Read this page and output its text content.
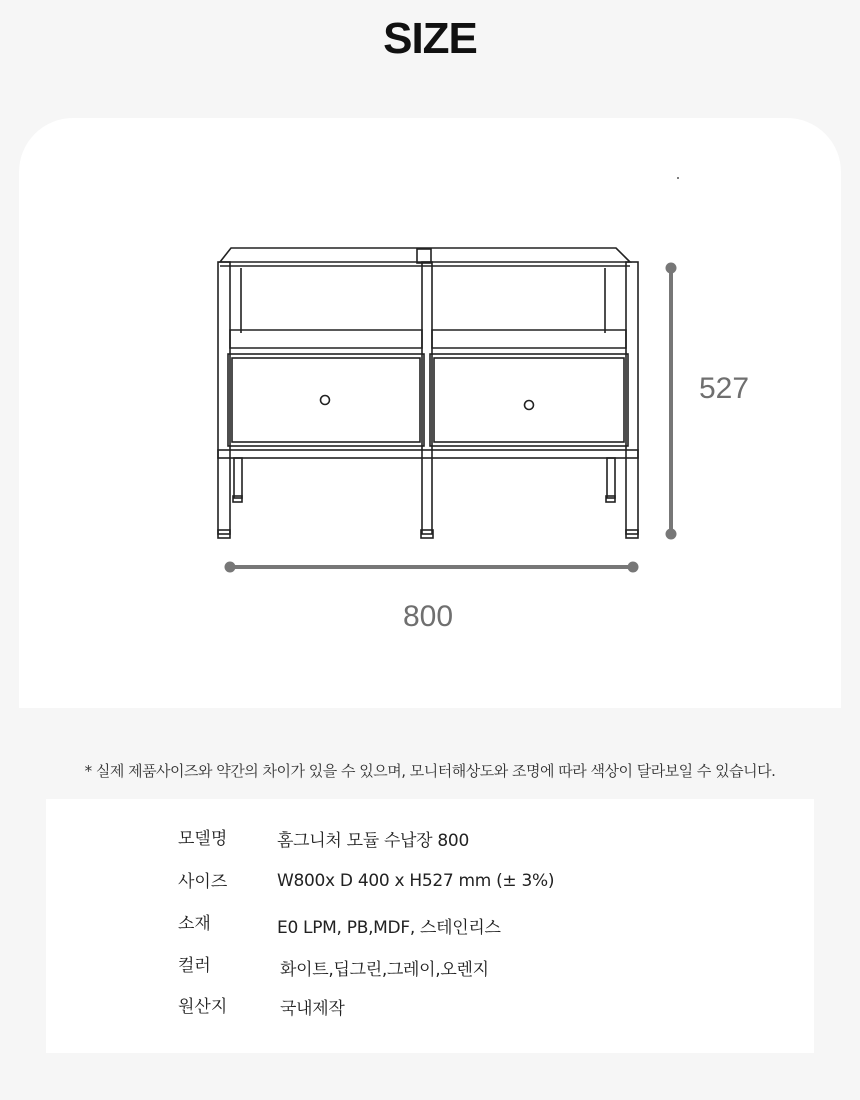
SIZE
527
800
* 실제 제품사이즈와 약간의 차이가 있을 수 있으며, 모니터해상도와 조명에 따라 색상이 달라보일 수 있습니다.
모델명	홈그니처 모듈 수납장 800
사이즈	W800x D 400 x H527 mm (± 3%)
소재	E0 LPM, PB,MDF, 스테인리스
컬러	화이트,딥그린,그레이,오렌지
원산지	국내제작
